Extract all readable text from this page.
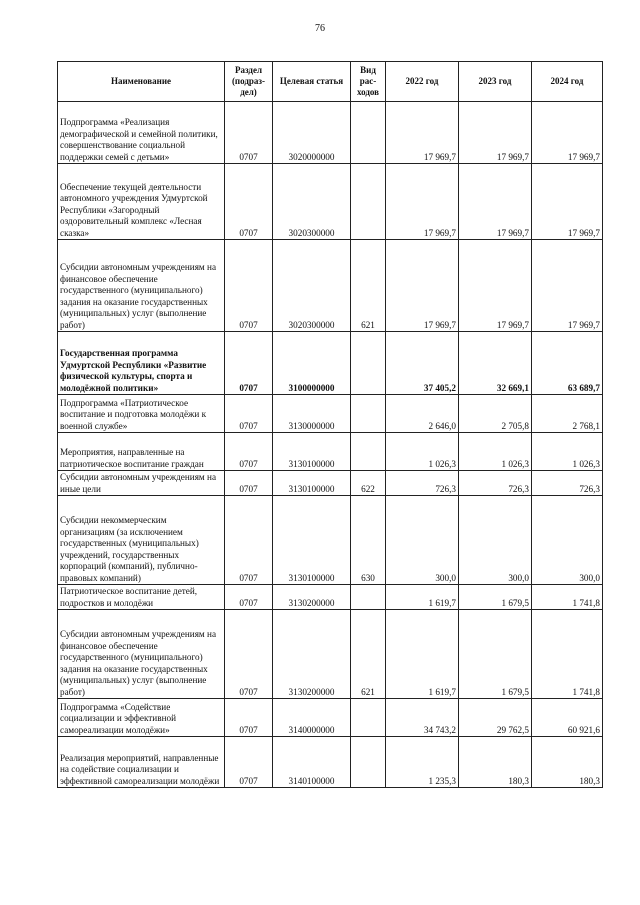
76
Наименование	Раздел (подраз-дел)	Целевая статья	Вид рас-ходов	2022 год	2023 год	2024 год
Подпрограмма «Реализация демографической и семейной политики, совершенствование социальной поддержки семей с детьми»	0707	3020000000		17 969,7	17 969,7	17 969,7
Обеспечение текущей деятельности автономного учреждения Удмуртской Республики «Загородный оздоровительный комплекс «Лесная сказка»	0707	3020300000		17 969,7	17 969,7	17 969,7
Субсидии автономным учреждениям на финансовое обеспечение государственного (муниципального) задания на оказание государственных (муниципальных) услуг (выполнение работ)	0707	3020300000	621	17 969,7	17 969,7	17 969,7
Государственная программа Удмуртской Республики «Развитие физической культуры, спорта и молодёжной политики»	0707	3100000000		37 405,2	32 669,1	63 689,7
Подпрограмма «Патриотическое воспитание и подготовка молодёжи к военной службе»	0707	3130000000		2 646,0	2 705,8	2 768,1
Мероприятия, направленные на патриотическое воспитание граждан	0707	3130100000		1 026,3	1 026,3	1 026,3
Субсидии автономным учреждениям на иные цели	0707	3130100000	622	726,3	726,3	726,3
Субсидии некоммерческим организациям (за исключением государственных (муниципальных) учреждений, государственных корпораций (компаний), публично-правовых компаний)	0707	3130100000	630	300,0	300,0	300,0
Патриотическое воспитание детей, подростков и молодёжи	0707	3130200000		1 619,7	1 679,5	1 741,8
Субсидии автономным учреждениям на финансовое обеспечение государственного (муниципального) задания на оказание государственных (муниципальных) услуг (выполнение работ)	0707	3130200000	621	1 619,7	1 679,5	1 741,8
Подпрограмма «Содействие социализации и эффективной самореализации молодёжи»	0707	3140000000		34 743,2	29 762,5	60 921,6
Реализация мероприятий, направленные на содействие социализации и эффективной самореализации молодёжи	0707	3140100000		1 235,3	180,3	180,3
